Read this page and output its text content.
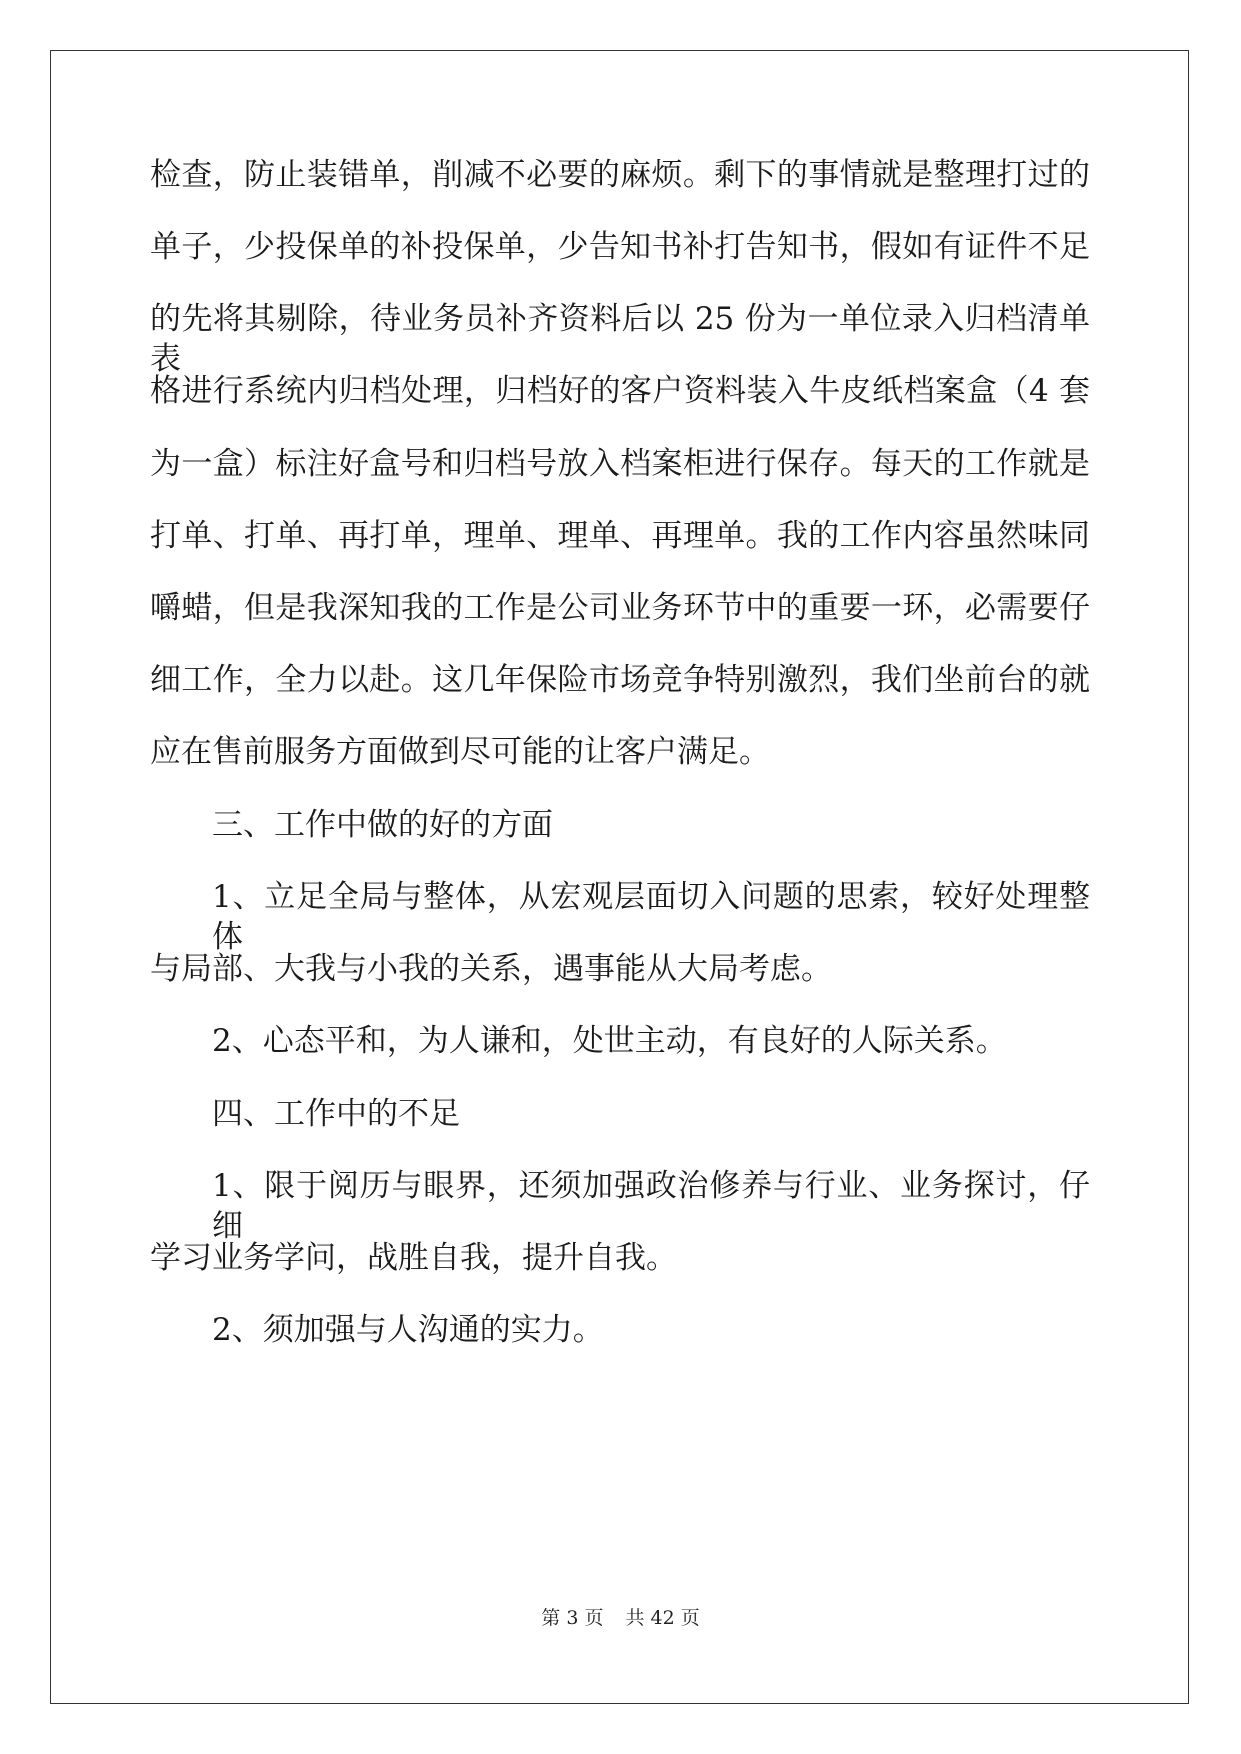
检查，防止装错单，削减不必要的麻烦。剩下的事情就是整理打过的
单子，少投保单的补投保单，少告知书补打告知书，假如有证件不足
的先将其剔除，待业务员补齐资料后以 25 份为一单位录入归档清单表
格进行系统内归档处理，归档好的客户资料装入牛皮纸档案盒（4 套
为一盒）标注好盒号和归档号放入档案柜进行保存。每天的工作就是
打单、打单、再打单，理单、理单、再理单。我的工作内容虽然味同
嚼蜡，但是我深知我的工作是公司业务环节中的重要一环，必需要仔
细工作，全力以赴。这几年保险市场竞争特别激烈，我们坐前台的就
应在售前服务方面做到尽可能的让客户满足。
三、工作中做的好的方面
1、立足全局与整体，从宏观层面切入问题的思索，较好处理整体
与局部、大我与小我的关系，遇事能从大局考虑。
2、心态平和，为人谦和，处世主动，有良好的人际关系。
四、工作中的不足
1、限于阅历与眼界，还须加强政治修养与行业、业务探讨，仔细
学习业务学问，战胜自我，提升自我。
2、须加强与人沟通的实力。
第 3 页 共 42 页
